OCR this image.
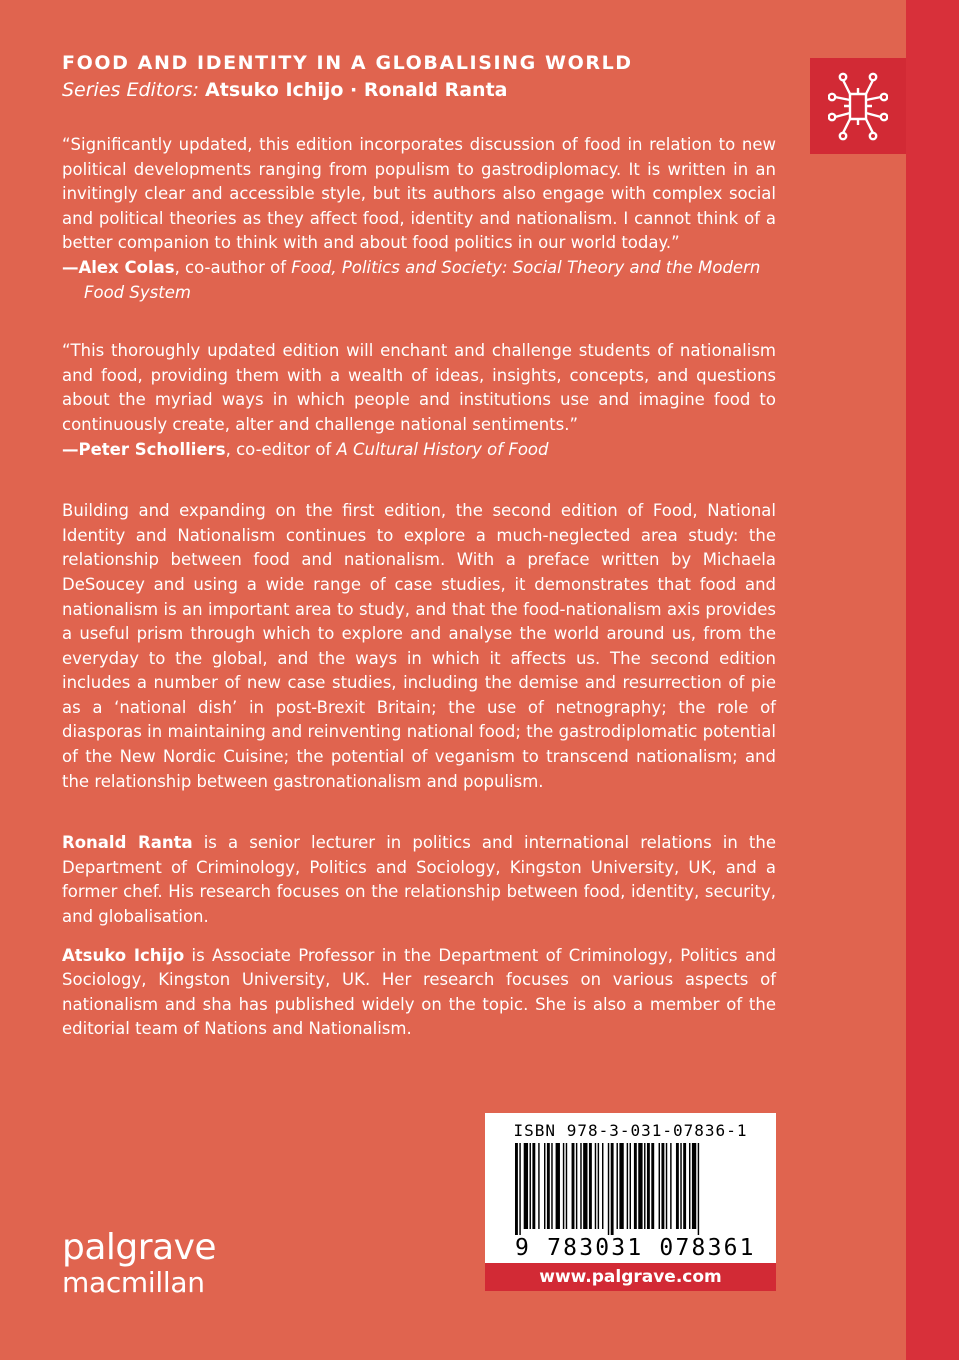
FOOD AND IDENTITY IN A GLOBALISING WORLD
Series Editors: Atsuko Ichijo · Ronald Ranta

“Significantly updated, this edition incorporates discussion of food in relation to new political developments ranging from populism to gastrodiplomacy. It is written in an invitingly clear and accessible style, but its authors also engage with complex social and political theories as they affect food, identity and nationalism. I cannot think of a better companion to think with and about food politics in our world today.”

—Alex Colas, co-author of Food, Politics and Society: Social Theory and the Modern
Food System

“This thoroughly updated edition will enchant and challenge students of nationalism and food, providing them with a wealth of ideas, insights, concepts, and questions about the myriad ways in which people and institutions use and imagine food to continuously create, alter and challenge national sentiments.”

—Peter Scholliers, co-editor of A Cultural History of Food

Building and expanding on the first edition, the second edition of Food, National Identity and Nationalism continues to explore a much-neglected area study: the relationship between food and nationalism. With a preface written by Michaela DeSoucey and using a wide range of case studies, it demonstrates that food and nationalism is an important area to study, and that the food-nationalism axis provides a useful prism through which to explore and analyse the world around us, from the everyday to the global, and the ways in which it affects us. The second edition includes a number of new case studies, including the demise and resurrection of pie as a ‘national dish’ in post-Brexit Britain; the use of netnography; the role of diasporas in maintaining and reinventing national food; the gastrodiplomatic potential of the New Nordic Cuisine; the potential of veganism to transcend nationalism; and the relationship between gastronationalism and populism.

Ronald Ranta is a senior lecturer in politics and international relations in the Department of Criminology, Politics and Sociology, Kingston University, UK, and a former chef. His research focuses on the relationship between food, identity, security, and globalisation.

Atsuko Ichijo is Associate Professor in the Department of Criminology, Politics and Sociology, Kingston University, UK. Her research focuses on various aspects of nationalism and sha has published widely on the topic. She is also a member of the editorial team of Nations and Nationalism.

palgrave
macmillan
ISBN 978-3-031-07836-1
9 783031 078361
www.palgrave.com
